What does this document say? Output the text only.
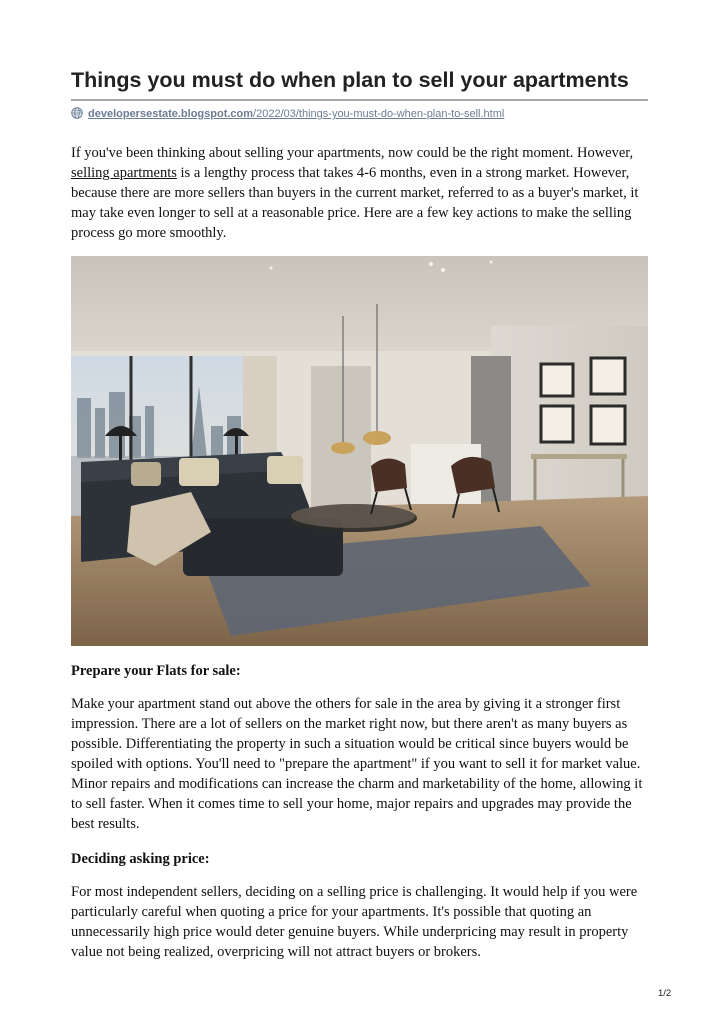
Things you must do when plan to sell your apartments
developersestate.blogspot.com/2022/03/things-you-must-do-when-plan-to-sell.html

If you've been thinking about selling your apartments, now could be the right moment. However, selling apartments is a lengthy process that takes 4-6 months, even in a strong market. However, because there are more sellers than buyers in the current market, referred to as a buyer's market, it may take even longer to sell at a reasonable price. Here are a few key actions to make the selling process go more smoothly.

Prepare your Flats for sale:

Make your apartment stand out above the others for sale in the area by giving it a stronger first impression. There are a lot of sellers on the market right now, but there aren't as many buyers as possible. Differentiating the property in such a situation would be critical since buyers would be spoiled with options. You'll need to "prepare the apartment" if you want to sell it for market value. Minor repairs and modifications can increase the charm and marketability of the home, allowing it to sell faster. When it comes time to sell your home, major repairs and upgrades may provide the best results.

Deciding asking price:

For most independent sellers, deciding on a selling price is challenging. It would help if you were particularly careful when quoting a price for your apartments. It's possible that quoting an unnecessarily high price would deter genuine buyers. While underpricing may result in property value not being realized, overpricing will not attract buyers or brokers.

1/2
